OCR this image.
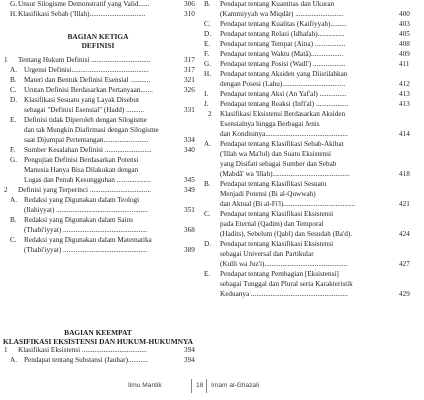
G. Unsur Silogisme Demonstratif yang Valid......	306
H. Klasifikasi Sebab ('Illah)...............................	310
1 Tentang Hukum Definisi .................................	317
A. Urgensi Definisi...........................................	317
B. Materi dan Bentuk Definisi Esensial ...........	321
C. Urutan Definisi Berdasarkan Pertanyaan.......	326
D. Klasifikasi Sesuatu yang Layak Disebut
sebagai "Definisi Esensial" (Hadd) ..........	331
E. Definisi tidak Diperoleh dengan Silogisme
dan tak Mungkin Diafirmasi dengan Silogisme
saat Dijumpai Pertentangan.........................	334
F. Sumber Kesalahan Definisi ..........................	340
G. Pengujian Definisi Berdasarkan Potensi
Manusia Hanya Bisa Dilakukan dengan
Lugas dan Penuh Kesungguhan ...................	345
2 Definisi yang Terperinci ..................................	349
A. Redaksi yang Digunakan dalam Teologi
(Ilahiyyat) ...................................................	351
B. Redaksi yang Digunakan dalam Sains
(Thabi'iyyat) ...............................................	368
C. Redaksi yang Digunakan dalam Matematika
(Thabi'iyyat) ...............................................	389
1 Klasifikasi Eksistensi ....................................	394
A. Pendapat tentang Substansi (Jauhar)...........	394
B. Pendapat tentang Kuantitas dan Ukuran
(Kammiyyah wa Miqdâr) ...........................	400
C. Pendapat tentang Kualitas (Kaifiyyah).........	403
D. Pendapat tentang Relasi (Idhafah)...............	405
E. Pendapat tentang Tempat (Aina) .................	408
F. Pendapat tentang Waktu (Matâ)..................	409
G. Pendapat tentang Posisi (Wadl') ..................	411
H. Pendapat tentang Aksiden yang Diistilahkan
dengan Posesi (Lahu)...................................	412
I. Pendapat tentang Aksi (An Yaf'al) ...............	413
J. Pendapat tentang Reaksi (Infi'al) ..................	413
2 Klasifikasi Eksistensi Berdasarkan Aksiden
Esensialnya hingga Berbagai Jenis
dan Kondisinya..............................................	414
A. Pendapat tentang Klasifikasi Sebab-Akibat
('Illah wa Ma'lul) dan Suatu Eksistensi
yang Disifati sebagai Sumber dan Sebab
(Mabdâ' wa 'Illah)...........................................	418
B. Pendapat tentang Klasifikasi Sesuatu
Menjadi Potensi (Bi al-Quwwah)
dan Aktual (Bi al-Fi'l)........................................	421
C. Pendapat tentang Klasifikasi Eksistensi
pada Eternal (Qadim) dan Temporal
(Hadits), Sebelum (Qabl) dan Sesudah (Ba'd).	424
D. Pendapat tentang Klasifikasi Eksistensi
sebagai Universal dan Partikular
(Kulli wa Juz'i)..............................................	427
E. Pendapat tentang Pembagian [Eksistensi]
sebagai Tunggal dan Plural serta Karakteristik
Keduanya ......................................................	429
BAGIAN KETIGA
DEFINISI
BAGIAN KEEMPAT
KLASIFIKASI EKSISTENSI DAN HUKUM-HUKUMNYA
Ilmu Mantik	18 Imam al-Ghazali
